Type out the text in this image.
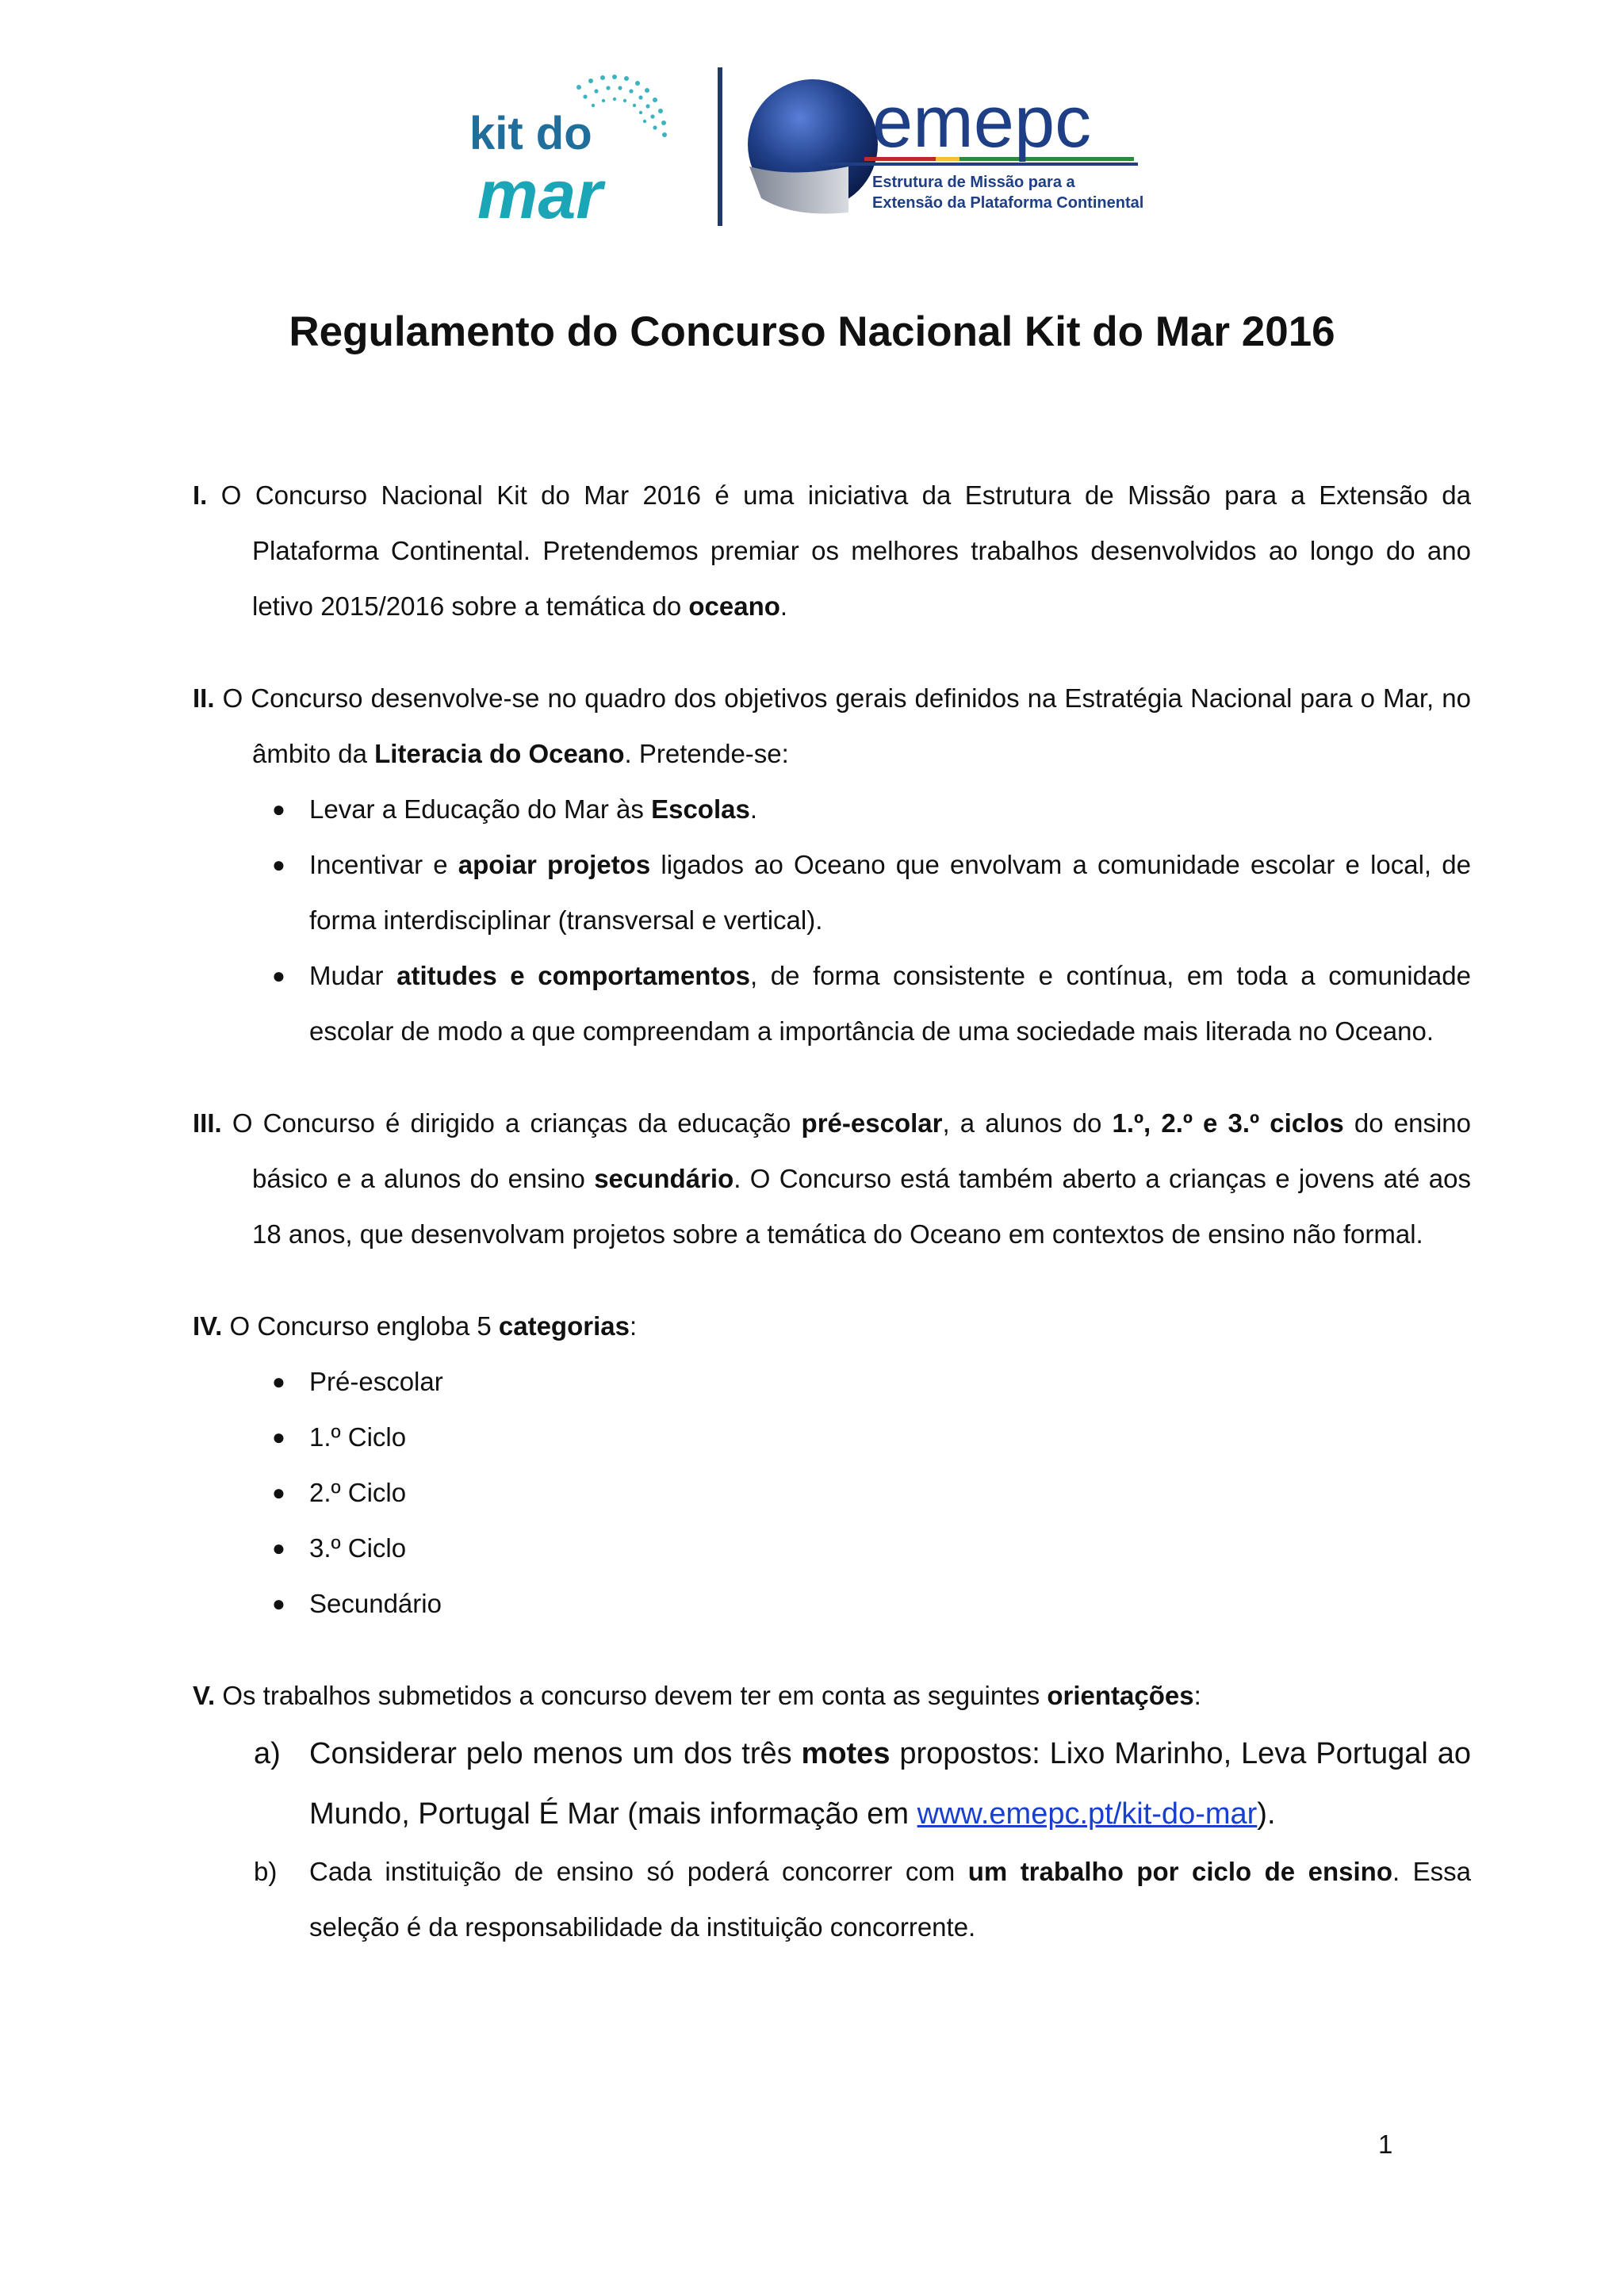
kit do
mar
emepc
Estrutura de Missão para a
Extensão da Plataforma Continental
Regulamento do Concurso Nacional Kit do Mar 2016

I. O Concurso Nacional Kit do Mar 2016 é uma iniciativa da Estrutura de Missão para a Extensão da Plataforma Continental. Pretendemos premiar os melhores trabalhos desenvolvidos ao longo do ano letivo 2015/2016 sobre a temática do oceano.

II. O Concurso desenvolve-se no quadro dos objetivos gerais definidos na Estratégia Nacional para o Mar, no âmbito da Literacia do Oceano. Pretende-se:

● Levar a Educação do Mar às Escolas.
● Incentivar e apoiar projetos ligados ao Oceano que envolvam a comunidade escolar e local, de forma interdisciplinar (transversal e vertical).
● Mudar atitudes e comportamentos, de forma consistente e contínua, em toda a comunidade escolar de modo a que compreendam a importância de uma sociedade mais literada no Oceano.

III. O Concurso é dirigido a crianças da educação pré-escolar, a alunos do 1.º, 2.º e 3.º ciclos do ensino básico e a alunos do ensino secundário. O Concurso está também aberto a crianças e jovens até aos 18 anos, que desenvolvam projetos sobre a temática do Oceano em contextos de ensino não formal.

IV. O Concurso engloba 5 categorias:

● Pré-escolar
● 1.º Ciclo
● 2.º Ciclo
● 3.º Ciclo
● Secundário

V. Os trabalhos submetidos a concurso devem ter em conta as seguintes orientações:

a) Considerar pelo menos um dos três motes propostos: Lixo Marinho, Leva Portugal ao Mundo, Portugal É Mar (mais informação em www.emepc.pt/kit-do-mar).
b) Cada instituição de ensino só poderá concorrer com um trabalho por ciclo de ensino. Essa seleção é da responsabilidade da instituição concorrente.
1
